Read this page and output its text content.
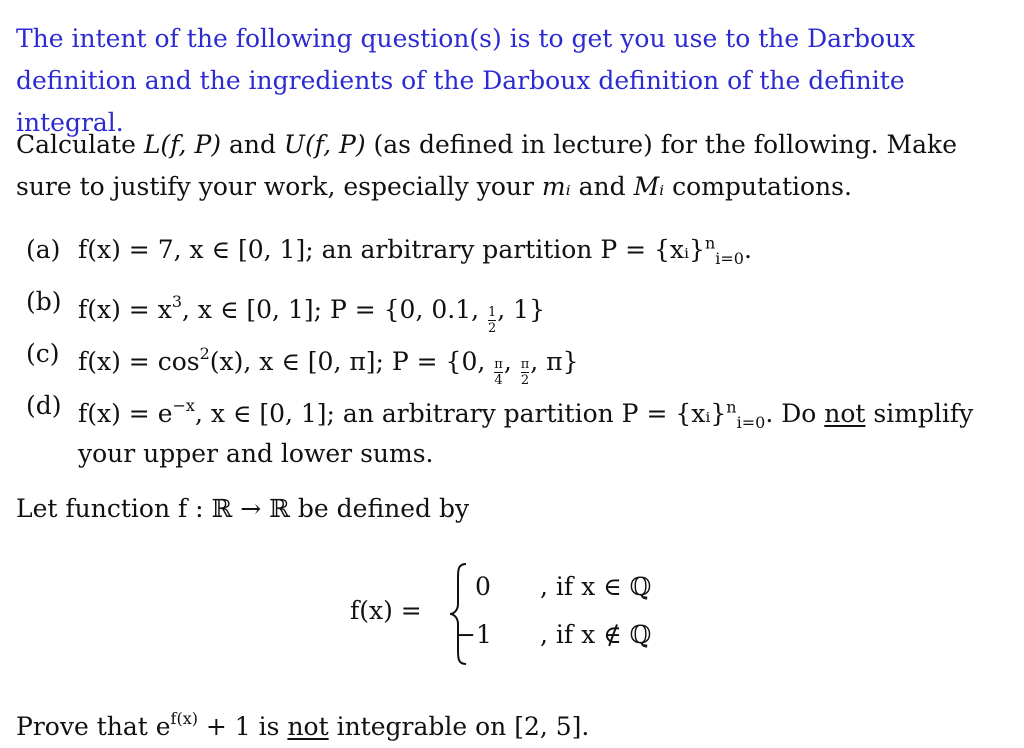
The intent of the following question(s) is to get you use to the Darboux definition and the ingredients of the Darboux definition of the definite integral.
Calculate L(f, P) and U(f, P) (as defined in lecture) for the following. Make sure to justify your work, especially your mᵢ and Mᵢ computations.
(a) f(x) = 7, x ∈ [0, 1]; an arbitrary partition P = {xᵢ}$^n_{i=0}$.
(b) $f(x) = x^3$, x ∈ [0, 1]; P = {0, 0.1, $\frac{1}{2}$ , 1}
(c) $f(x) = \cos^2(x)$, x ∈ [0, π]; P = {0, $\frac{\pi}{4}$ , $\frac{\pi}{2}$ , π}
(d) $f(x) = e^{-x}$, x ∈ [0, 1]; an arbitrary partition P = {xᵢ}$^n_{i=0}$. Do not simplify your upper and lower sums.
Let function f : ℝ → ℝ be defined by
f(x) =
0	, if x ∈ ℚ
−1	, if x ∉ ℚ
Prove that $e^{f(x)} + 1$ is not integrable on [2, 5].
